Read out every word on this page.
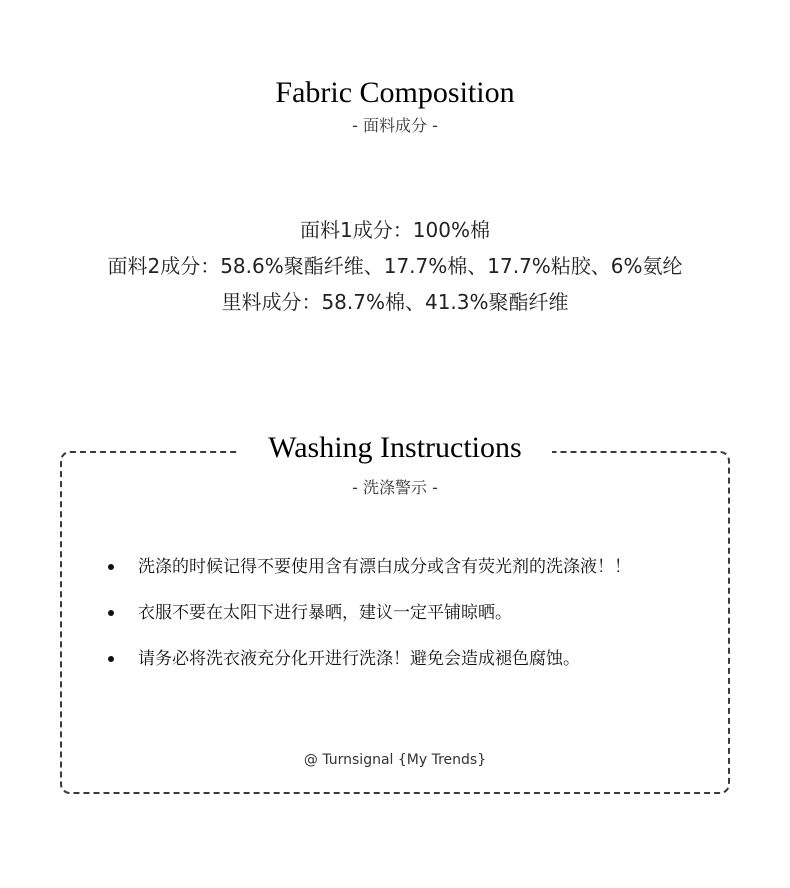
Fabric Composition
- 面料成分 -
面料1成分：100%棉
面料2成分：58.6%聚酯纤维、17.7%棉、17.7%粘胶、6%氨纶
里料成分：58.7%棉、41.3%聚酯纤维
Washing Instructions
- 洗涤警示 -
洗涤的时候记得不要使用含有漂白成分或含有荧光剂的洗涤液！！
衣服不要在太阳下进行暴晒，建议一定平铺晾晒。
请务必将洗衣液充分化开进行洗涤！避免会造成褪色腐蚀。
@ Turnsignal {My Trends}
